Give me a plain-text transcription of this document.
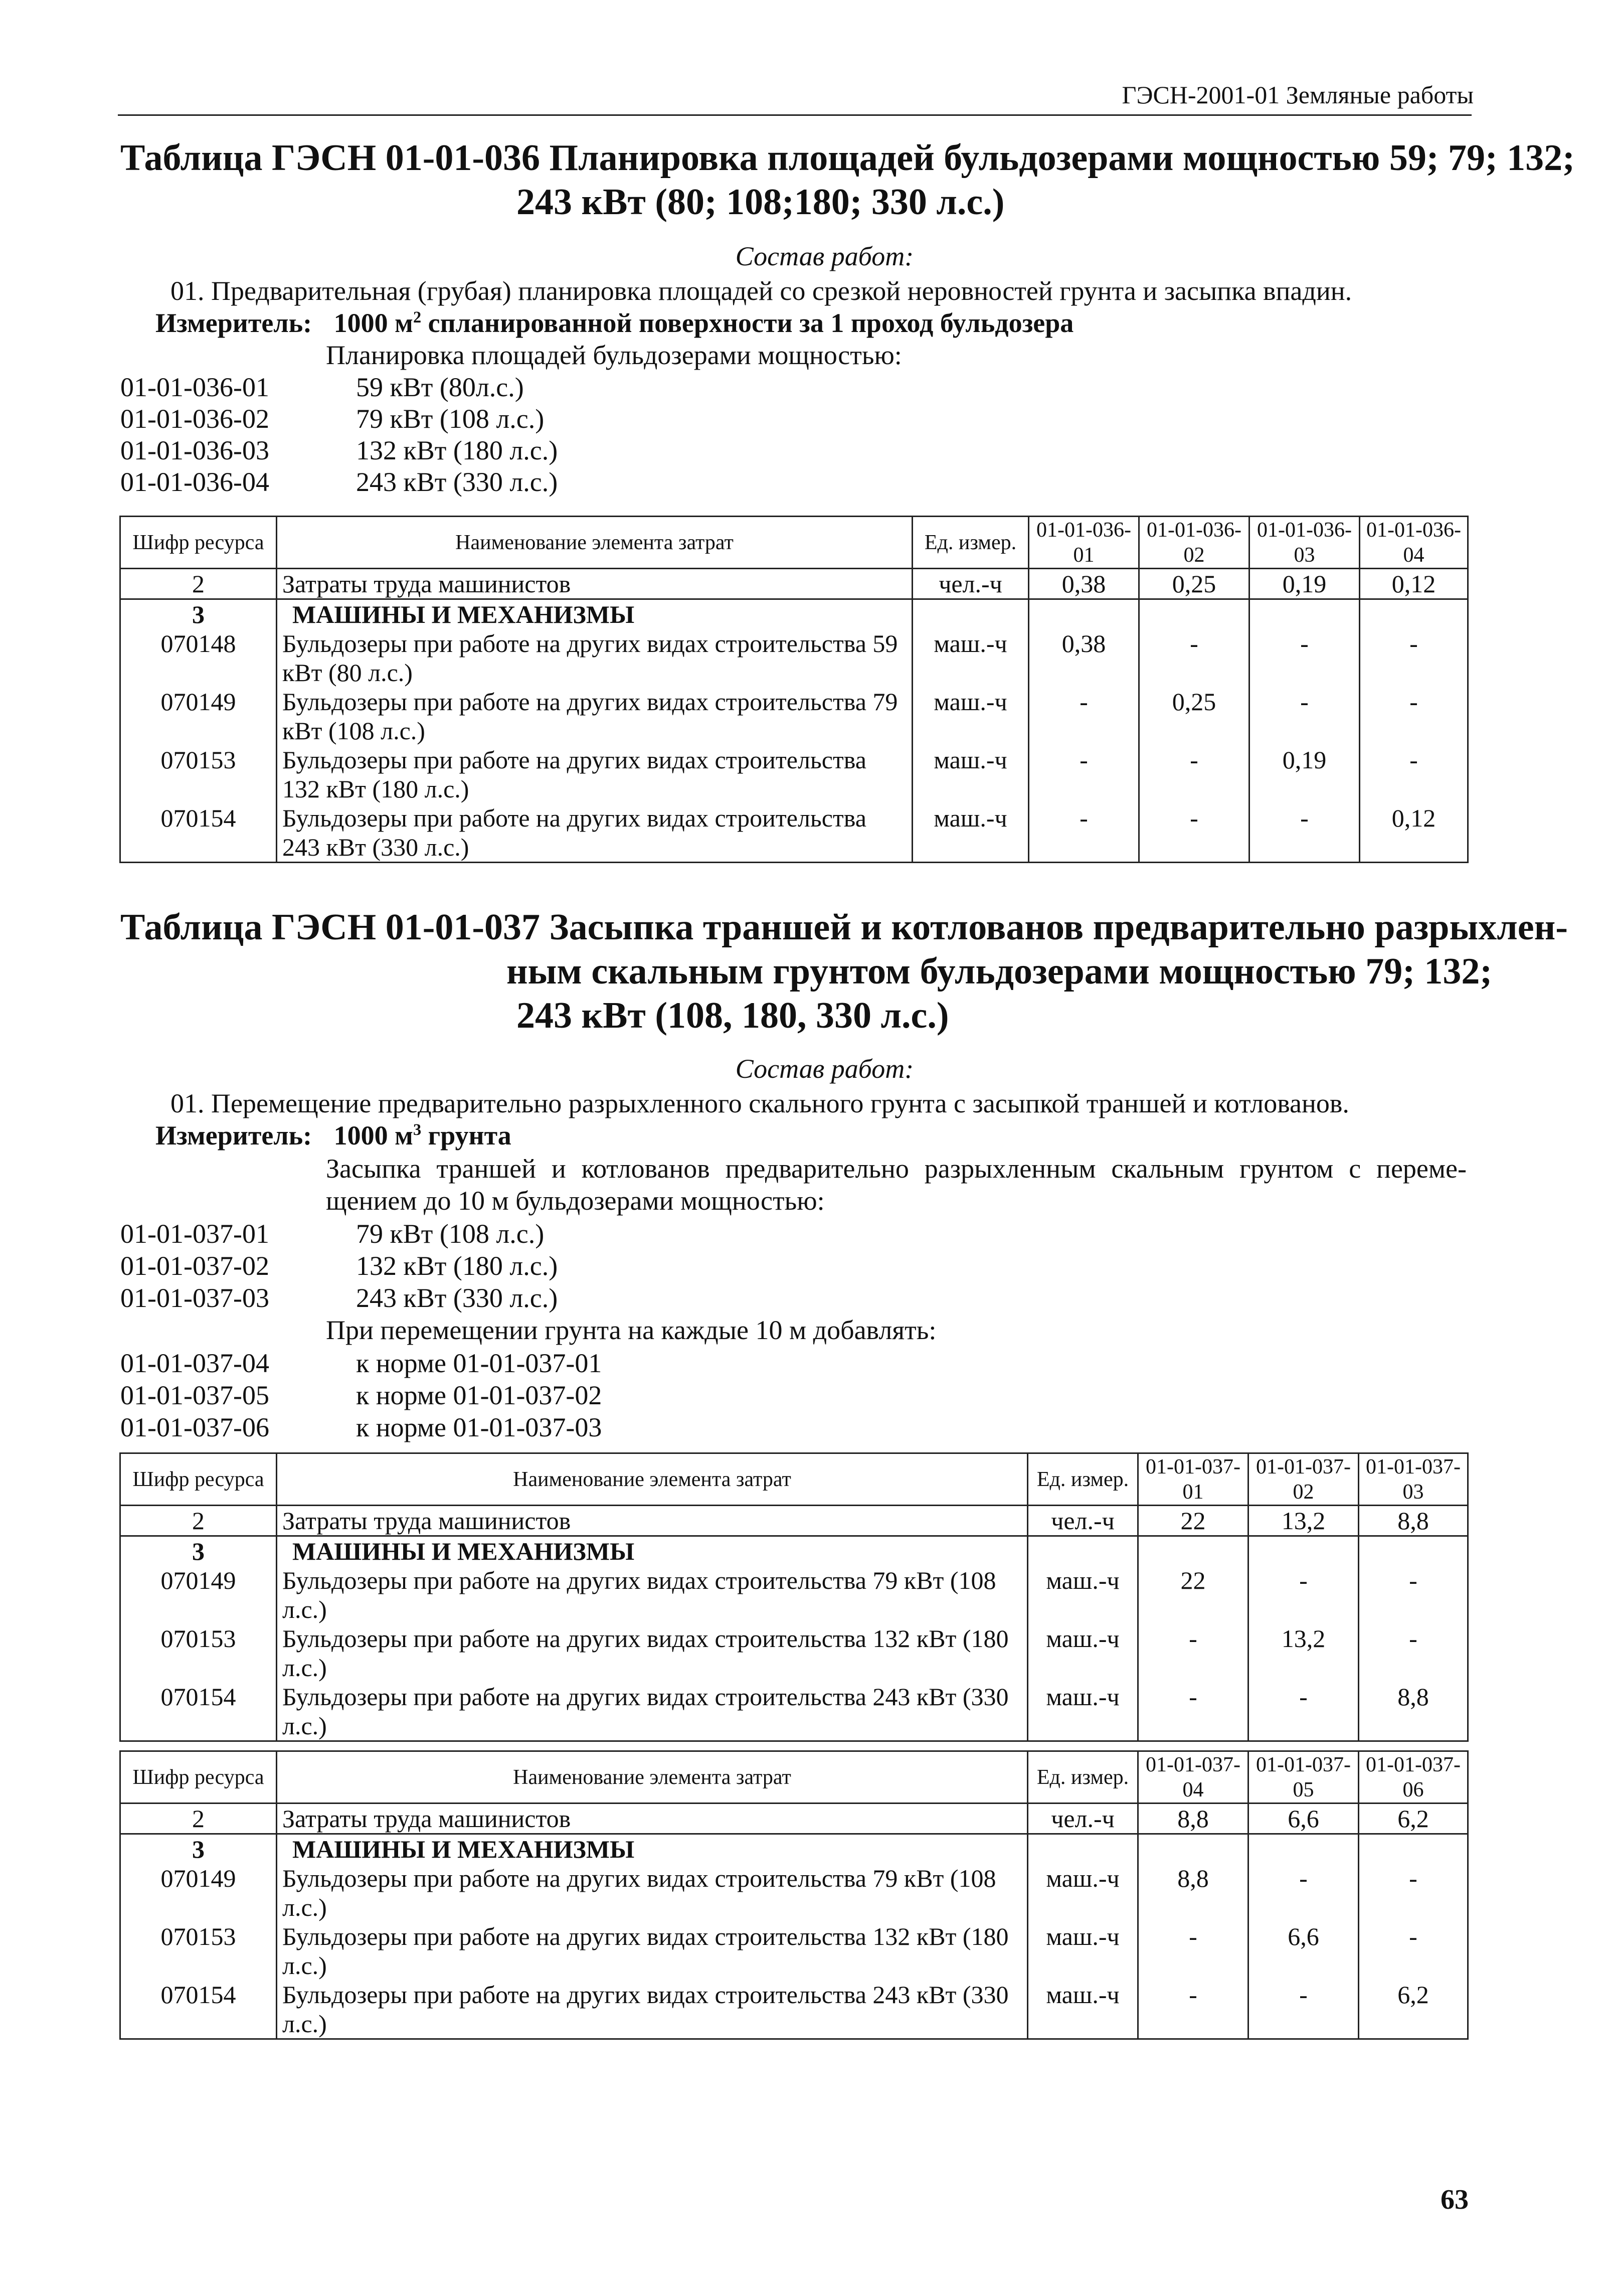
ГЭСН-2001-01 Земляные работы
Таблица ГЭСН 01-01-036 Планировка площадей бульдозерами мощностью 59; 79; 132;
243 кВт (80; 108;180; 330 л.с.)
Состав работ:
01. Предварительная (грубая) планировка площадей со срезкой неровностей грунта и засыпка впадин.
Измеритель: 1000 $м^2$ спланированной поверхности за 1 проход бульдозера
Планировка площадей бульдозерами мощностью:
01-01-036-01	59 кВт (80л.с.)
01-01-036-02	79 кВт (108 л.с.)
01-01-036-03	132 кВт (180 л.с.)
01-01-036-04	243 кВт (330 л.с.)
Шифр ресурса	Наименование элемента затрат	Ед. измер.	01-01-036-01	01-01-036-02	01-01-036-03	01-01-036-04
2	Затраты труда машинистов	чел.-ч	0,38	0,25	0,19	0,12
3	МАШИНЫ И МЕХАНИЗМЫ					
070148	Бульдозеры при работе на других видах строительства 59 кВт (80 л.с.)	маш.-ч	0,38	-	-	-
070149	Бульдозеры при работе на других видах строительства 79 кВт (108 л.с.)	маш.-ч	-	0,25	-	-
070153	Бульдозеры при работе на других видах строительства 132 кВт (180 л.с.)	маш.-ч	-	-	0,19	-
070154	Бульдозеры при работе на других видах строительства 243 кВт (330 л.с.)	маш.-ч	-	-	-	0,12
Таблица ГЭСН 01-01-037 Засыпка траншей и котлованов предварительно разрыхлен-
ным скальным грунтом бульдозерами мощностью 79; 132;
243 кВт (108, 180, 330 л.с.)
Состав работ:
01. Перемещение предварительно разрыхленного скального грунта с засыпкой траншей и котлованов.
Измеритель: 1000 $м^3$ грунта
Засыпка траншей и котлованов предварительно разрыхленным скальным грунтом с переме-
щением до 10 м бульдозерами мощностью:
01-01-037-01	79 кВт (108 л.с.)
01-01-037-02	132 кВт (180 л.с.)
01-01-037-03	243 кВт (330 л.с.)
При перемещении грунта на каждые 10 м добавлять:
01-01-037-04	к норме 01-01-037-01
01-01-037-05	к норме 01-01-037-02
01-01-037-06	к норме 01-01-037-03
Шифр ресурса	Наименование элемента затрат	Ед. измер.	01-01-037-01	01-01-037-02	01-01-037-03
2	Затраты труда машинистов	чел.-ч	22	13,2	8,8
3	МАШИНЫ И МЕХАНИЗМЫ				
070149	Бульдозеры при работе на других видах строительства 79 кВт (108 л.с.)	маш.-ч	22	-	-
070153	Бульдозеры при работе на других видах строительства 132 кВт (180 л.с.)	маш.-ч	-	13,2	-
070154	Бульдозеры при работе на других видах строительства 243 кВт (330 л.с.)	маш.-ч	-	-	8,8
Шифр ресурса	Наименование элемента затрат	Ед. измер.	01-01-037-04	01-01-037-05	01-01-037-06
2	Затраты труда машинистов	чел.-ч	8,8	6,6	6,2
3	МАШИНЫ И МЕХАНИЗМЫ				
070149	Бульдозеры при работе на других видах строительства 79 кВт (108 л.с.)	маш.-ч	8,8	-	-
070153	Бульдозеры при работе на других видах строительства 132 кВт (180 л.с.)	маш.-ч	-	6,6	-
070154	Бульдозеры при работе на других видах строительства 243 кВт (330 л.с.)	маш.-ч	-	-	6,2
63
